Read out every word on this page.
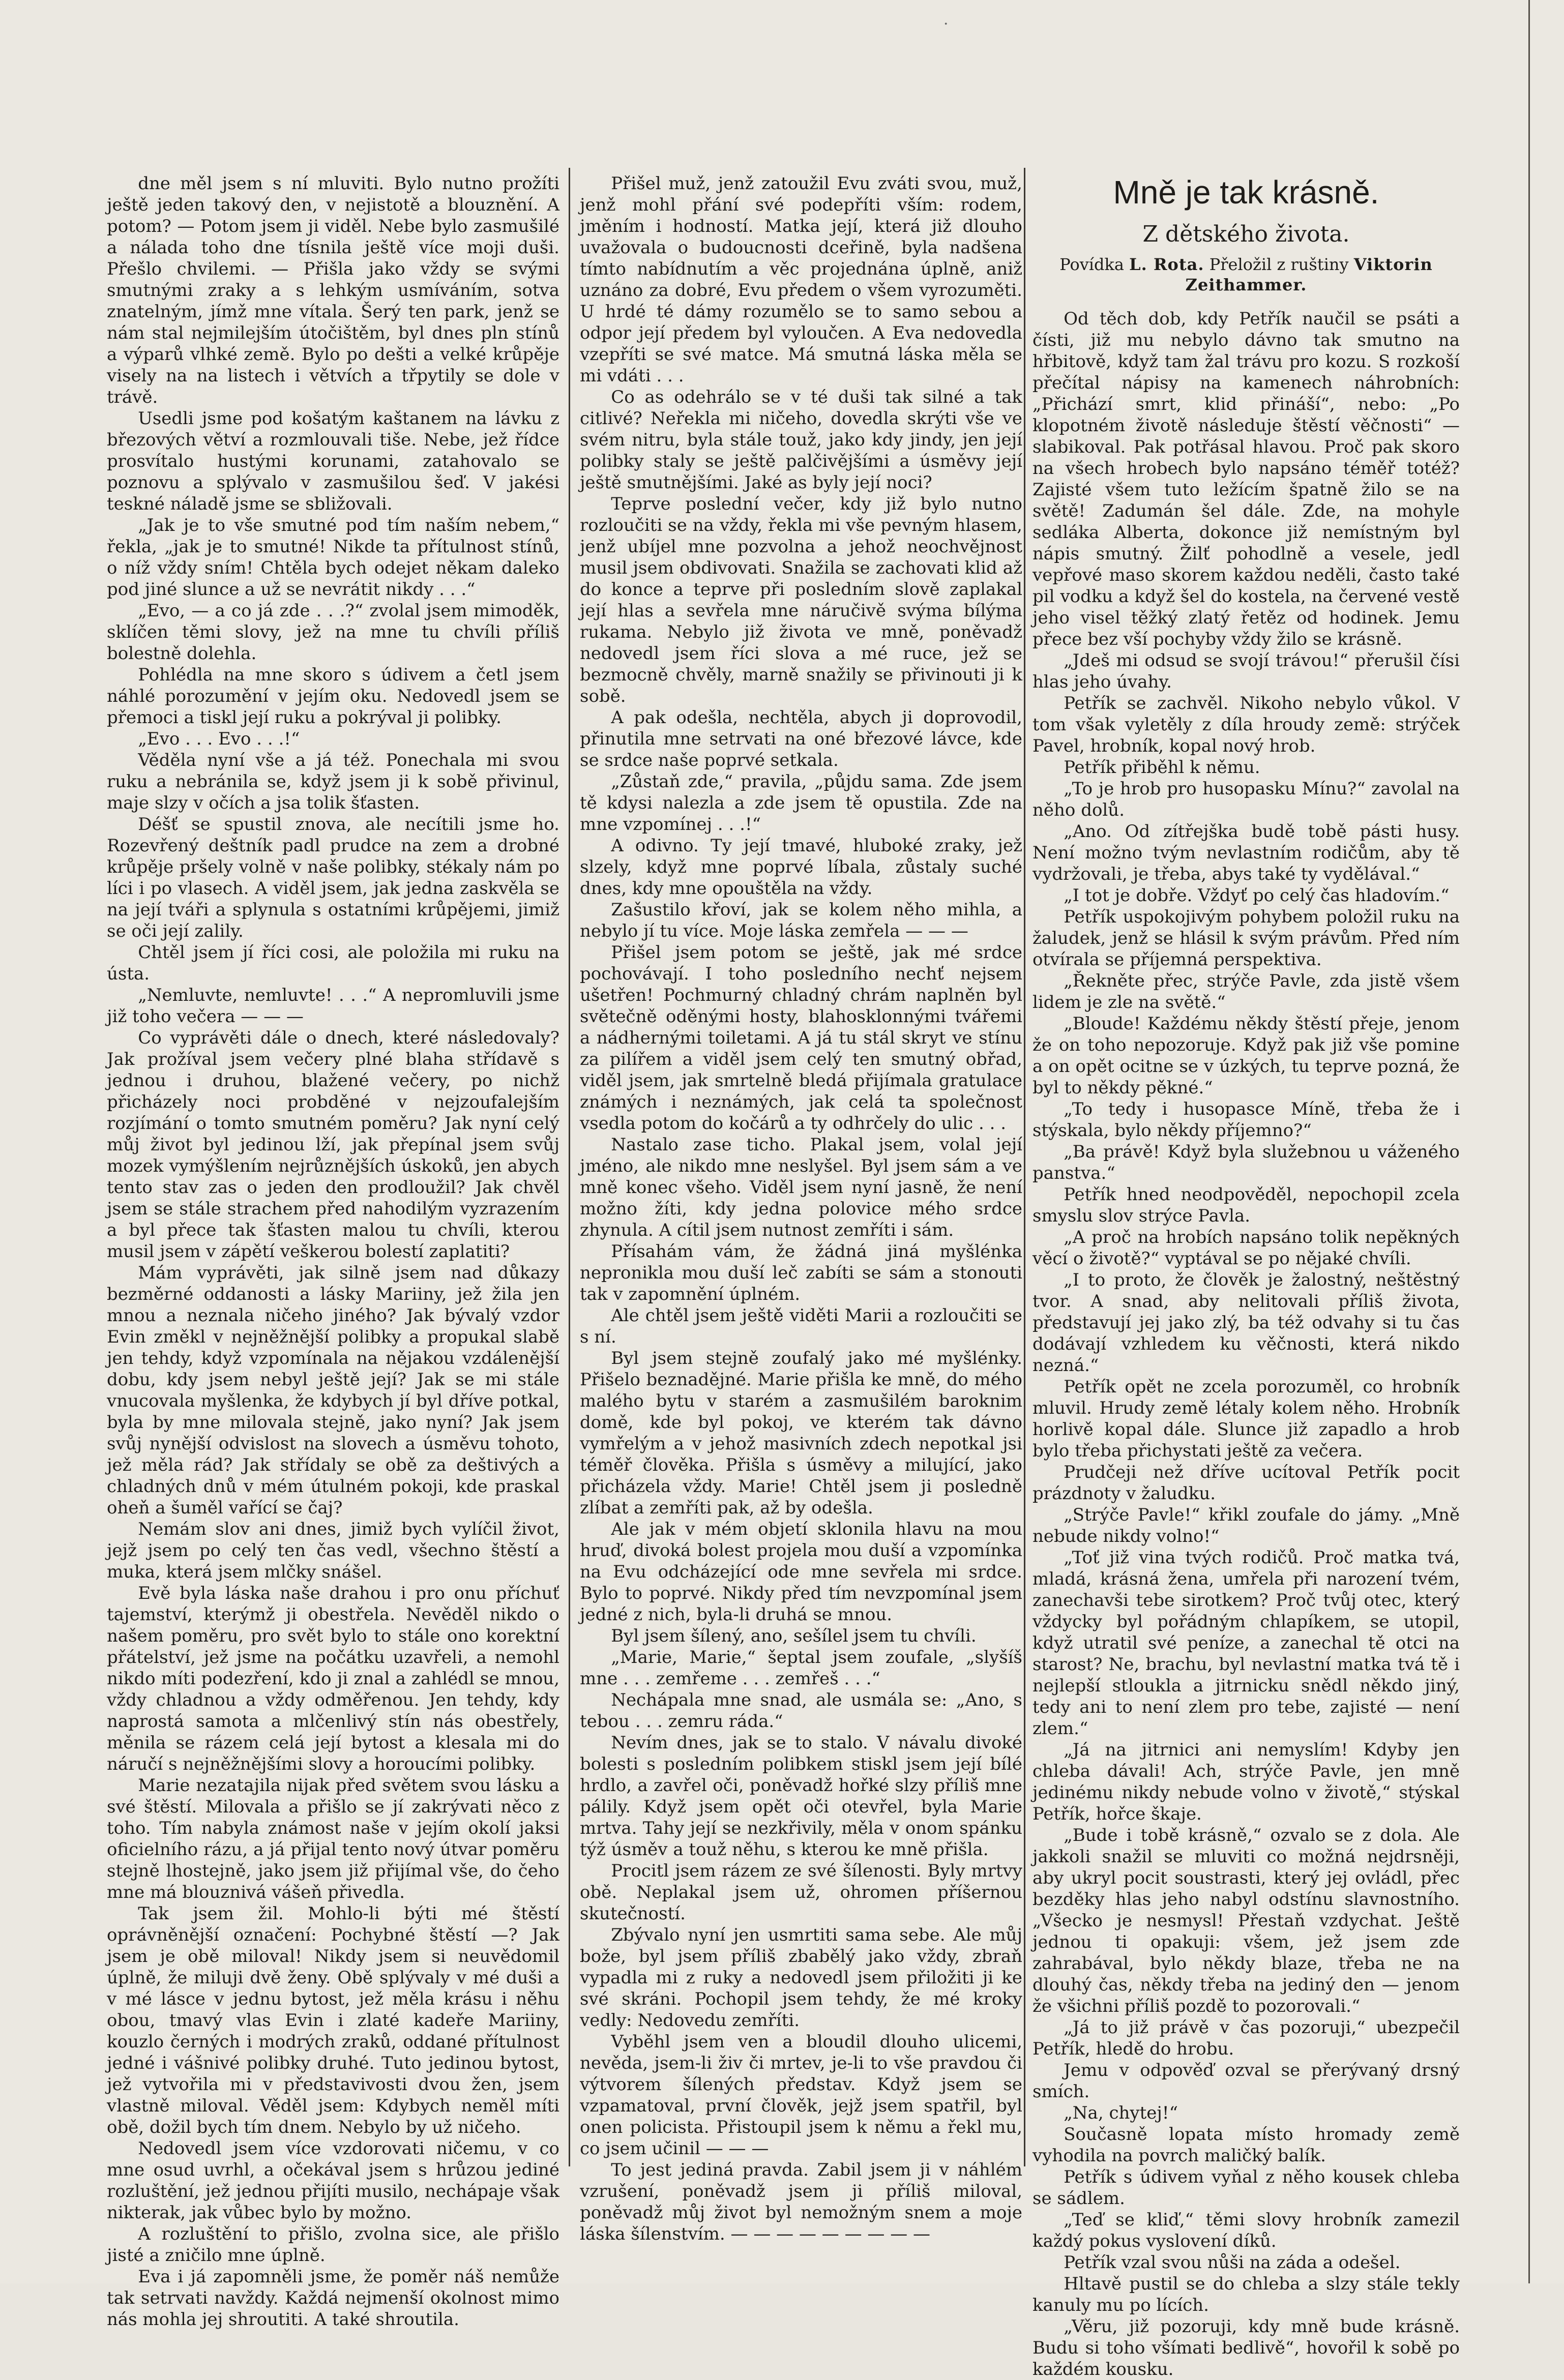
·

dne měl jsem s ní mluviti. Bylo nutno prožíti ještě jeden takový den, v nejistotě a blouznění. A potom? — Potom jsem ji viděl. Nebe bylo zasmušilé a nálada toho dne tísnila ještě více moji duši. Přešlo chvilemi. — Přišla jako vždy se svými smutnými zraky a s lehkým usmíváním, sotva znatelným, jímž mne vítala. Šerý ten park, jenž se nám stal nejmilejším útočištěm, byl dnes pln stínů a výparů vlhké země. Bylo po dešti a velké krůpěje visely na na listech i větvích a třpytily se dole v trávě.

Usedli jsme pod košatým kaštanem na lávku z březových větví a rozmlouvali tiše. Nebe, jež řídce prosvítalo hustými korunami, zatahovalo se poznovu a splývalo v zasmušilou šeď. V jakési teskné náladě jsme se sbližovali.

„Jak je to vše smutné pod tím naším nebem,“ řekla, „jak je to smutné! Nikde ta přítulnost stínů, o níž vždy sním! Chtěla bych odejet někam daleko pod jiné slunce a už se nevrátit nikdy . . .“

„Evo, — a co já zde . . .?“ zvolal jsem mimoděk, sklíčen těmi slovy, jež na mne tu chvíli příliš bolestně dolehla.

Pohlédla na mne skoro s údivem a četl jsem náhlé porozumění v jejím oku. Nedovedl jsem se přemoci a tiskl její ruku a pokrýval ji polibky.

„Evo . . . Evo . . .!“

Věděla nyní vše a já též. Ponechala mi svou ruku a nebránila se, když jsem ji k sobě přivinul, maje slzy v očích a jsa tolik šťasten.

Déšť se spustil znova, ale necítili jsme ho. Rozevřený deštník padl prudce na zem a drobné krůpěje pršely volně v naše polibky, stékaly nám po líci i po vlasech. A viděl jsem, jak jedna zaskvěla se na její tváři a splynula s ostatními krůpějemi, jimiž se oči její zalily.

Chtěl jsem jí říci cosi, ale položila mi ruku na ústa.

„Nemluvte, nemluvte! . . .“ A nepromluvili jsme již toho večera — — —

Co vyprávěti dále o dnech, které následovaly? Jak prožíval jsem večery plné blaha střídavě s jednou i druhou, blažené večery, po nichž přicházely noci probděné v nejzoufalejším rozjímání o tomto smutném poměru? Jak nyní celý můj život byl jedinou lží, jak přepínal jsem svůj mozek vymýšlením nejrůznějších úskoků, jen abych tento stav zas o jeden den prodloužil? Jak chvěl jsem se stále strachem před nahodilým vyzrazením a byl přece tak šťasten malou tu chvíli, kterou musil jsem v zápětí veškerou bolestí zaplatiti?

Mám vyprávěti, jak silně jsem nad důkazy bezměrné oddanosti a lásky Mariiny, jež žila jen mnou a neznala ničeho jiného? Jak bývalý vzdor Evin změkl v nejněžnější polibky a propukal slabě jen tehdy, když vzpomínala na nějakou vzdálenější dobu, kdy jsem nebyl ještě její? Jak se mi stále vnucovala myšlenka, že kdybych jí byl dříve potkal, byla by mne milovala stejně, jako nyní? Jak jsem svůj nynější odvislost na slovech a úsměvu tohoto, jež měla rád? Jak střídaly se obě za deštivých a chladných dnů v mém útulném pokoji, kde praskal oheň a šuměl vařící se čaj?

Nemám slov ani dnes, jimiž bych vylíčil život, jejž jsem po celý ten čas vedl, všechno štěstí a muka, která jsem mlčky snášel.

Evě byla láska naše drahou i pro onu příchuť tajemství, kterýmž ji obestřela. Nevěděl nikdo o našem poměru, pro svět bylo to stále ono korektní přátelství, jež jsme na počátku uzavřeli, a nemohl nikdo míti podezření, kdo ji znal a zahlédl se mnou, vždy chladnou a vždy odměřenou. Jen tehdy, kdy naprostá samota a mlčenlivý stín nás obestřely, měnila se rázem celá její bytost a klesala mi do náručí s nejněžnějšími slovy a horoucími polibky.

Marie nezatajila nijak před světem svou lásku a své štěstí. Milovala a přišlo se jí zakrývati něco z toho. Tím nabyla známost naše v jejím okolí jaksi oficielního rázu, a já přijal tento nový útvar poměru stejně lhostejně, jako jsem již přijímal vše, do čeho mne má blouznivá vášeň přivedla.

Tak jsem žil. Mohlo-li býti mé štěstí oprávněnější označení: Pochybné štěstí —? Jak jsem je obě miloval! Nikdy jsem si neuvědomil úplně, že miluji dvě ženy. Obě splývaly v mé duši a v mé lásce v jednu bytost, jež měla krásu i něhu obou, tmavý vlas Evin i zlaté kadeře Mariiny, kouzlo černých i modrých zraků, oddané přítulnost jedné i vášnivé polibky druhé. Tuto jedinou bytost, jež vytvořila mi v představivosti dvou žen, jsem vlastně miloval. Věděl jsem: Kdybych neměl míti obě, dožil bych tím dnem. Nebylo by už ničeho.

Nedovedl jsem více vzdorovati ničemu, v co mne osud uvrhl, a očekával jsem s hrůzou jediné rozluštění, jež jednou přijíti musilo, nechápaje však nikterak, jak vůbec bylo by možno.

A rozluštění to přišlo, zvolna sice, ale přišlo jisté a zničilo mne úplně.

Eva i já zapomněli jsme, že poměr náš nemůže tak setrvati navždy. Každá nejmenší okolnost mimo nás mohla jej shroutiti. A také shroutila.

Přišel muž, jenž zatoužil Evu zváti svou, muž, jenž mohl přání své podepříti vším: rodem, jměním i hodností. Matka její, která již dlouho uvažovala o budoucnosti dceřině, byla nadšena tímto nabídnutím a věc projednána úplně, aniž uznáno za dobré, Evu předem o všem vyrozuměti. U hrdé té dámy rozumělo se to samo sebou a odpor její předem byl vyloučen. A Eva nedovedla vzepříti se své matce. Má smutná láska měla se mi vdáti . . .

Co as odehrálo se v té duši tak silné a tak citlivé? Neřekla mi ničeho, dovedla skrýti vše ve svém nitru, byla stále touž, jako kdy jindy, jen její polibky staly se ještě palčivějšími a úsměvy její ještě smutnějšími. Jaké as byly její noci?

Teprve poslední večer, kdy již bylo nutno rozloučiti se na vždy, řekla mi vše pevným hlasem, jenž ubíjel mne pozvolna a jehož neochvějnost musil jsem obdivovati. Snažila se zachovati klid až do konce a teprve při posledním slově zaplakal její hlas a sevřela mne náručivě svýma bílýma rukama. Nebylo již života ve mně, poněvadž nedovedl jsem říci slova a mé ruce, jež se bezmocně chvěly, marně snažily se přivinouti ji k sobě.

A pak odešla, nechtěla, abych ji doprovodil, přinutila mne setrvati na oné březové lávce, kde se srdce naše poprvé setkala.

„Zůstaň zde,“ pravila, „půjdu sama. Zde jsem tě kdysi nalezla a zde jsem tě opustila. Zde na mne vzpomínej . . .!“

A odivno. Ty její tmavé, hluboké zraky, jež slzely, když mne poprvé líbala, zůstaly suché dnes, kdy mne opouštěla na vždy.

Zašustilo křoví, jak se kolem něho mihla, a nebylo jí tu více. Moje láska zemřela — — —

Přišel jsem potom se ještě, jak mé srdce pochovávají. I toho posledního nechť nejsem ušetřen! Pochmurný chladný chrám naplněn byl světečně oděnými hosty, blahosklonnými tvářemi a nádhernými toiletami. A já tu stál skryt ve stínu za pilířem a viděl jsem celý ten smutný obřad, viděl jsem, jak smrtelně bledá přijímala gratulace známých i neznámých, jak celá ta společnost vsedla potom do kočárů a ty odhrčely do ulic . . .

Nastalo zase ticho. Plakal jsem, volal její jméno, ale nikdo mne neslyšel. Byl jsem sám a ve mně konec všeho. Viděl jsem nyní jasně, že není možno žíti, kdy jedna polovice mého srdce zhynula. A cítil jsem nutnost zemříti i sám.

Přísahám vám, že žádná jiná myšlénka nepronikla mou duší leč zabíti se sám a stonouti tak v zapomnění úplném.

Ale chtěl jsem ještě viděti Marii a rozloučiti se s ní.

Byl jsem stejně zoufalý jako mé myšlénky. Přišelo beznadějné. Marie přišla ke mně, do mého malého bytu v starém a zasmušilém baroknim domě, kde byl pokoj, ve kterém tak dávno vymřelým a v jehož masivních zdech nepotkal jsi téměř člověka. Přišla s úsměvy a milující, jako přicházela vždy. Marie! Chtěl jsem ji posledně zlíbat a zemříti pak, až by odešla.

Ale jak v mém objetí sklonila hlavu na mou hruď, divoká bolest projela mou duší a vzpomínka na Evu odcházející ode mne sevřela mi srdce. Bylo to poprvé. Nikdy před tím nevzpomínal jsem jedné z nich, byla-li druhá se mnou.

Byl jsem šílený, ano, sešílel jsem tu chvíli.

„Marie, Marie,“ šeptal jsem zoufale, „slyšíš mne . . . zemřeme . . . zemřeš . . .“

Nechápala mne snad, ale usmála se: „Ano, s tebou . . . zemru ráda.“

Nevím dnes, jak se to stalo. V návalu divoké bolesti s posledním polibkem stiskl jsem její bílé hrdlo, a zavřel oči, poněvadž hořké slzy příliš mne pálily. Když jsem opět oči otevřel, byla Marie mrtva. Tahy její se nezkřivily, měla v onom spánku týž úsměv a touž něhu, s kterou ke mně přišla.

Procitl jsem rázem ze své šílenosti. Byly mrtvy obě. Neplakal jsem už, ohromen příšernou skutečností.

Zbývalo nyní jen usmrtiti sama sebe. Ale můj bože, byl jsem příliš zbabělý jako vždy, zbraň vypadla mi z ruky a nedovedl jsem přiložiti ji ke své skráni. Pochopil jsem tehdy, že mé kroky vedly: Nedovedu zemříti.

Vyběhl jsem ven a bloudil dlouho ulicemi, nevěda, jsem-li živ či mrtev, je-li to vše pravdou či výtvorem šílených představ. Když jsem se vzpamatoval, první člověk, jejž jsem spatřil, byl onen policista. Přistoupil jsem k němu a řekl mu, co jsem učinil — — —

To jest jediná pravda. Zabil jsem ji v náhlém vzrušení, poněvadž jsem ji příliš miloval, poněvadž můj život byl nemožným snem a moje láska šílenstvím. — — — — — — — — —

Mně je tak krásně.
Z dětského života.
Povídka L. Rota. Přeložil z ruštiny Viktorin Zeithammer.

Od těch dob, kdy Petřík naučil se psáti a čísti, již mu nebylo dávno tak smutno na hřbitově, když tam žal trávu pro kozu. S rozkoší přečítal nápisy na kamenech náhrobních: „Přichází smrt, klid přináší“, nebo: „Po klopotném životě následuje štěstí věčnosti“ — slabikoval. Pak potřásal hlavou. Proč pak skoro na všech hrobech bylo napsáno téměř totéž? Zajisté všem tuto ležícím špatně žilo se na světě! Zadumán šel dále. Zde, na mohyle sedláka Alberta, dokonce již nemístným byl nápis smutný. Žilť pohodlně a vesele, jedl vepřové maso skorem každou neděli, často také pil vodku a když šel do kostela, na červené vestě jeho visel těžký zlatý řetěz od hodinek. Jemu přece bez vší pochyby vždy žilo se krásně.

„Jdeš mi odsud se svojí trávou!“ přerušil čísi hlas jeho úvahy.

Petřík se zachvěl. Nikoho nebylo vůkol. V tom však vyletěly z díla hroudy země: strýček Pavel, hrobník, kopal nový hrob.

Petřík přiběhl k němu.

„To je hrob pro husopasku Mínu?“ zavolal na něho dolů.

„Ano. Od zítřejška budě tobě pásti husy. Není možno tvým nevlastním rodičům, aby tě vydržovali, je třeba, abys také ty vydělával.“

„I tot je dobře. Vždyť po celý čas hladovím.“

Petřík uspokojivým pohybem položil ruku na žaludek, jenž se hlásil k svým právům. Před ním otvírala se příjemná perspektiva.

„Řekněte přec, strýče Pavle, zda jistě všem lidem je zle na světě.“

„Bloude! Každému někdy štěstí přeje, jenom že on toho nepozoruje. Když pak již vše pomine a on opět ocitne se v úzkých, tu teprve pozná, že byl to někdy pěkné.“

„To tedy i husopasce Míně, třeba že i stýskala, bylo někdy příjemno?“

„Ba právě! Když byla služebnou u váženého panstva.“

Petřík hned neodpověděl, nepochopil zcela smyslu slov strýce Pavla.

„A proč na hrobích napsáno tolik nepěkných věcí o životě?“ vyptával se po nějaké chvíli.

„I to proto, že člověk je žalostný, neštěstný tvor. A snad, aby nelitovali příliš života, představují jej jako zlý, ba též odvahy si tu čas dodávají vzhledem ku věčnosti, která nikdo nezná.“

Petřík opět ne zcela porozuměl, co hrobník mluvil. Hrudy země létaly kolem něho. Hrobník horlivě kopal dále. Slunce již zapadlo a hrob bylo třeba přichystati ještě za večera.

Prudčeji než dříve ucítoval Petřík pocit prázdnoty v žaludku.

„Strýče Pavle!“ křikl zoufale do jámy. „Mně nebude nikdy volno!“

„Toť již vina tvých rodičů. Proč matka tvá, mladá, krásná žena, umřela při narození tvém, zanechavši tebe sirotkem? Proč tvůj otec, který vždycky byl pořádným chlapíkem, se utopil, když utratil své peníze, a zanechal tě otci na starost? Ne, brachu, byl nevlastní matka tvá tě i nejlepší stloukla a jitrnicku snědl někdo jiný, tedy ani to není zlem pro tebe, zajisté — není zlem.“

„Já na jitrnici ani nemyslím! Kdyby jen chleba dávali! Ach, strýče Pavle, jen mně jedinému nikdy nebude volno v životě,“ stýskal Petřík, hořce škaje.

„Bude i tobě krásně,“ ozvalo se z dola. Ale jakkoli snažil se mluviti co možná nejdrsněji, aby ukryl pocit soustrasti, který jej ovládl, přec bezděky hlas jeho nabyl odstínu slavnostního. „Všecko je nesmysl! Přestaň vzdychat. Ještě jednou ti opakuji: všem, jež jsem zde zahrabával, bylo někdy blaze, třeba ne na dlouhý čas, někdy třeba na jediný den — jenom že všichni příliš pozdě to pozorovali.“

„Já to již právě v čas pozoruji,“ ubezpečil Petřík, hledě do hrobu.

Jemu v odpověď ozval se přerývaný drsný smích.

„Na, chytej!“

Současně lopata místo hromady země vyhodila na povrch maličký balík.

Petřík s údivem vyňal z něho kousek chleba se sádlem.

„Teď se kliď,“ těmi slovy hrobník zamezil každý pokus vyslovení díků.

Petřík vzal svou nůši na záda a odešel.

Hltavě pustil se do chleba a slzy stále tekly kanuly mu po lících.

„Věru, již pozoruji, kdy mně bude krásně. Budu si toho všímati bedlivě“, hovořil k sobě po každém kousku.
